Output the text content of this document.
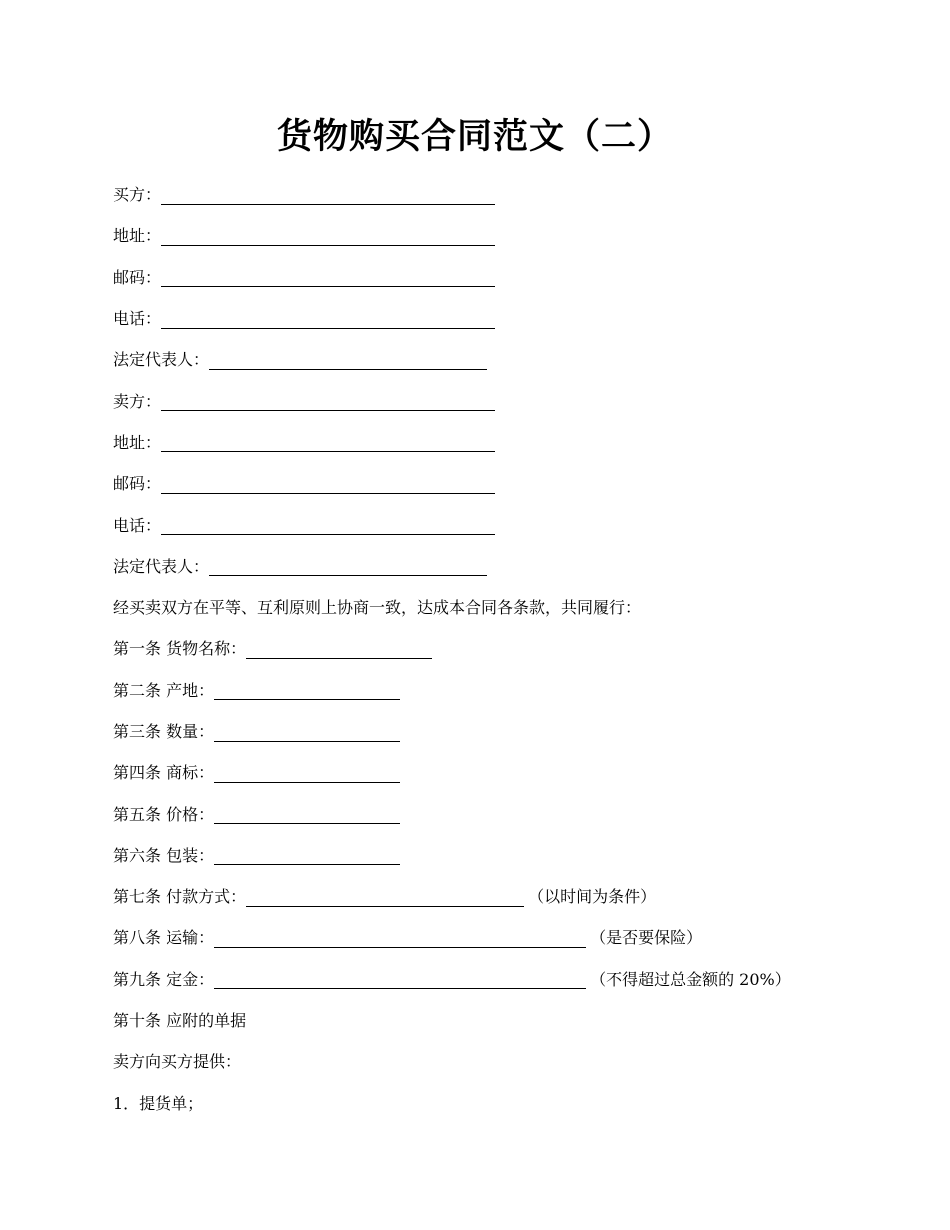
货物购买合同范文（二）
买方：
地址：
邮码：
电话：
法定代表人：
卖方：
地址：
邮码：
电话：
法定代表人：
经买卖双方在平等、互利原则上协商一致，达成本合同各条款，共同履行：
第一条 货物名称：
第二条 产地：
第三条 数量：
第四条 商标：
第五条 价格：
第六条 包装：
第七条 付款方式：	（以时间为条件）
第八条 运输：	（是否要保险）
第九条 定金：	（不得超过总金额的 20%）
第十条 应附的单据
卖方向买方提供：
1．提货单；
